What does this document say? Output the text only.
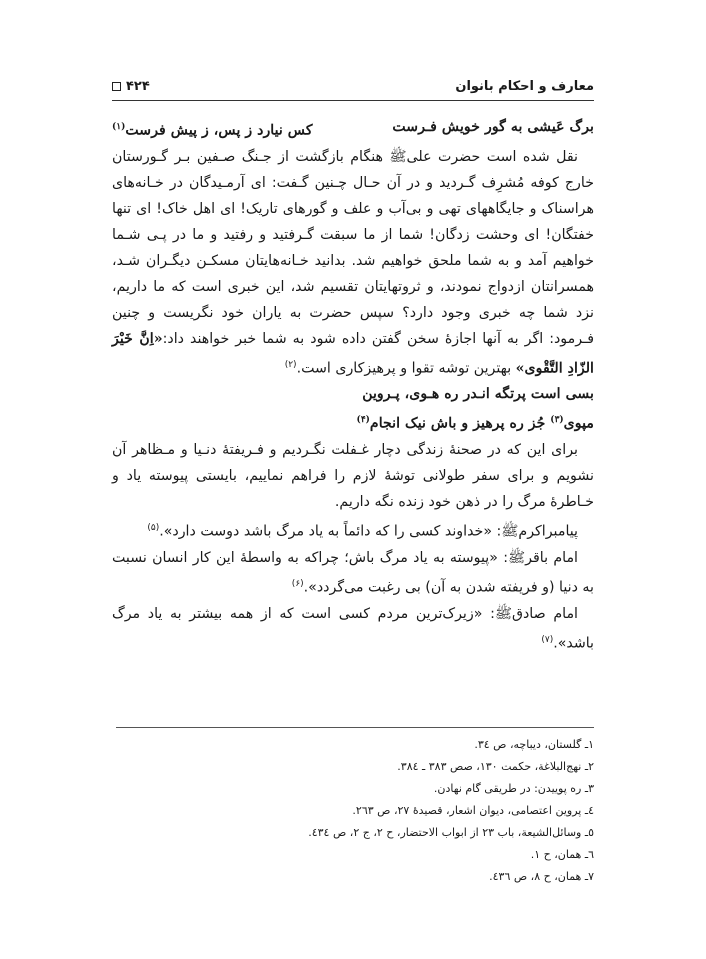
۴۲۴	معارف و احکام بانوان
برگ عَیشی به گور خویش فـرست
کس نیارد ز پس، ز پیش فرست$^{(۱)}$

نقل شده است حضرت علی‌ﷺ هنگام بازگشت از جـنگ صـفین بـر گـورستان خارج کوفه مُشرِف گـردید و در آن حـال چـنین گـفت: ای آرمـیدگان در خـانه‌های هراسناک و جایگاههای تهی و بی‌آب و علف و گورهای تاریک! ای اهل خاک! ای تنها خفتگان! ای وحشت زدگان! شما از ما سبقت گـرفتید و رفتید و ما در پـی شـما خواهیم آمد و به شما ملحق خواهیم شد. بدانید خـانه‌هایتان مسکـن دیگـران شـد، همسرانتان ازدواج نمودند، و ثروتهایتان تقسیم شد، این خبری است که ما داریم، نزد شما چه خبری وجود دارد؟ سپس حضرت به یاران خود نگریست و چنین فـرمود: اگر به آنها اجازهٔ سخن گفتن داده شود به شما خبر خواهند داد:«اِنَّ خَیْرَ الزّادِ التَّقْوی» بهترین توشه تقوا و پرهیزکاری است.$^{(۲)}$

بسی است پرتگه انـدر ره هـوی، پـروین
مپوی$^{(۳)}$ جُز ره پرهیز و باش نیک انجام$^{(۴)}$

برای این که در صحنهٔ زندگی دچار غـفلت نگـردیم و فـریفتهٔ دنـیا و مـظاهر آن نشویم و برای سفر طولانی توشهٔ لازم را فراهم نماییم، بایستی پیوسته یاد و خـاطرهٔ مرگ را در ذهن خود زنده نگه داریم.

پیامبراکرم‌ﷺ: «خداوند کسی را که دائماً به یاد مرگ باشد دوست دارد».$^{(۵)}$

امام باقرﷺ: «پیوسته به یاد مرگ باش؛ چراکه به واسطهٔ این کار انسان نسبت به دنیا (و فریفته شدن به آن) بی رغبت می‌گردد».$^{(۶)}$

امام صادق‌ﷺ: «زیرک‌ترین مردم کسی است که از همه بیشتر به یاد مرگ باشد».$^{(۷)}$

۱ـ گلستان، دیباچه، ص ۳٤.
۲ـ نهج‌البلاغة، حکمت ۱۳۰، صص ۳۸۳ ـ ۳۸٤.
۳ـ ره پوییدن: در طریقی گام نهادن.
٤ـ پروین اعتصامی، دیوان اشعار، قصیدهٔ ۲۷، ص ۲٦۳.
٥ـ وسائل‌الشیعة، باب ۲۳ از ابواب الاحتضار، ح ۲، ج ۲، ص ٤۳٤.
٦ـ همان، ح ۱.
۷ـ همان، ح ۸، ص ٤۳٦.
